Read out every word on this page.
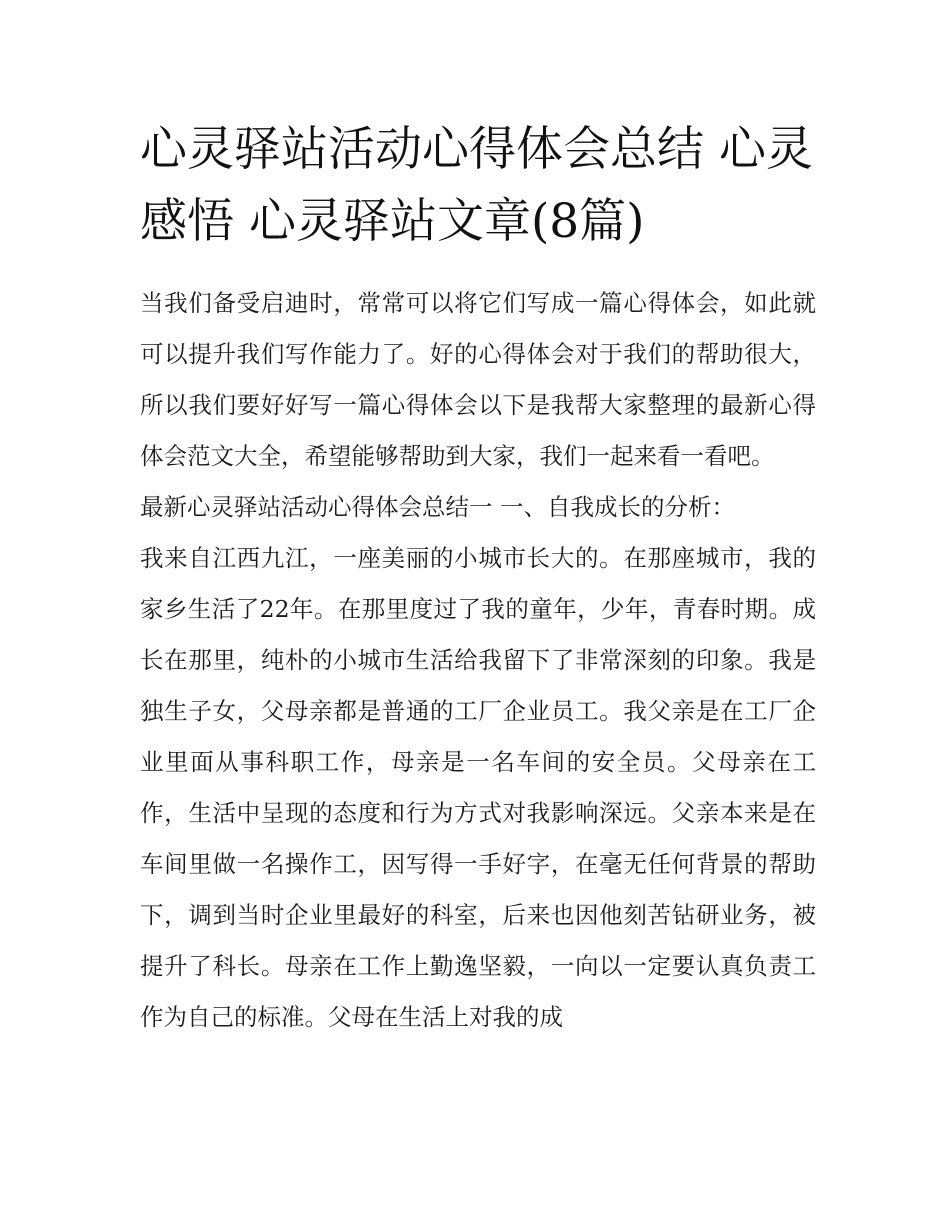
心灵驿站活动心得体会总结 心灵感悟 心灵驿站文章(8篇)

当我们备受启迪时，常常可以将它们写成一篇心得体会，如此就可以提升我们写作能力了。好的心得体会对于我们的帮助很大，所以我们要好好写一篇心得体会以下是我帮大家整理的最新心得体会范文大全，希望能够帮助到大家，我们一起来看一看吧。

最新心灵驿站活动心得体会总结一 一、自我成长的分析：

我来自江西九江，一座美丽的小城市长大的。在那座城市，我的家乡生活了22年。在那里度过了我的童年，少年，青春时期。成长在那里，纯朴的小城市生活给我留下了非常深刻的印象。我是独生子女，父母亲都是普通的工厂企业员工。我父亲是在工厂企业里面从事科职工作，母亲是一名车间的安全员。父母亲在工作，生活中呈现的态度和行为方式对我影响深远。父亲本来是在车间里做一名操作工，因写得一手好字，在毫无任何背景的帮助下，调到当时企业里最好的科室，后来也因他刻苦钻研业务，被提升了科长。母亲在工作上勤逸坚毅，一向以一定要认真负责工作为自己的标准。父母在生活上对我的成
